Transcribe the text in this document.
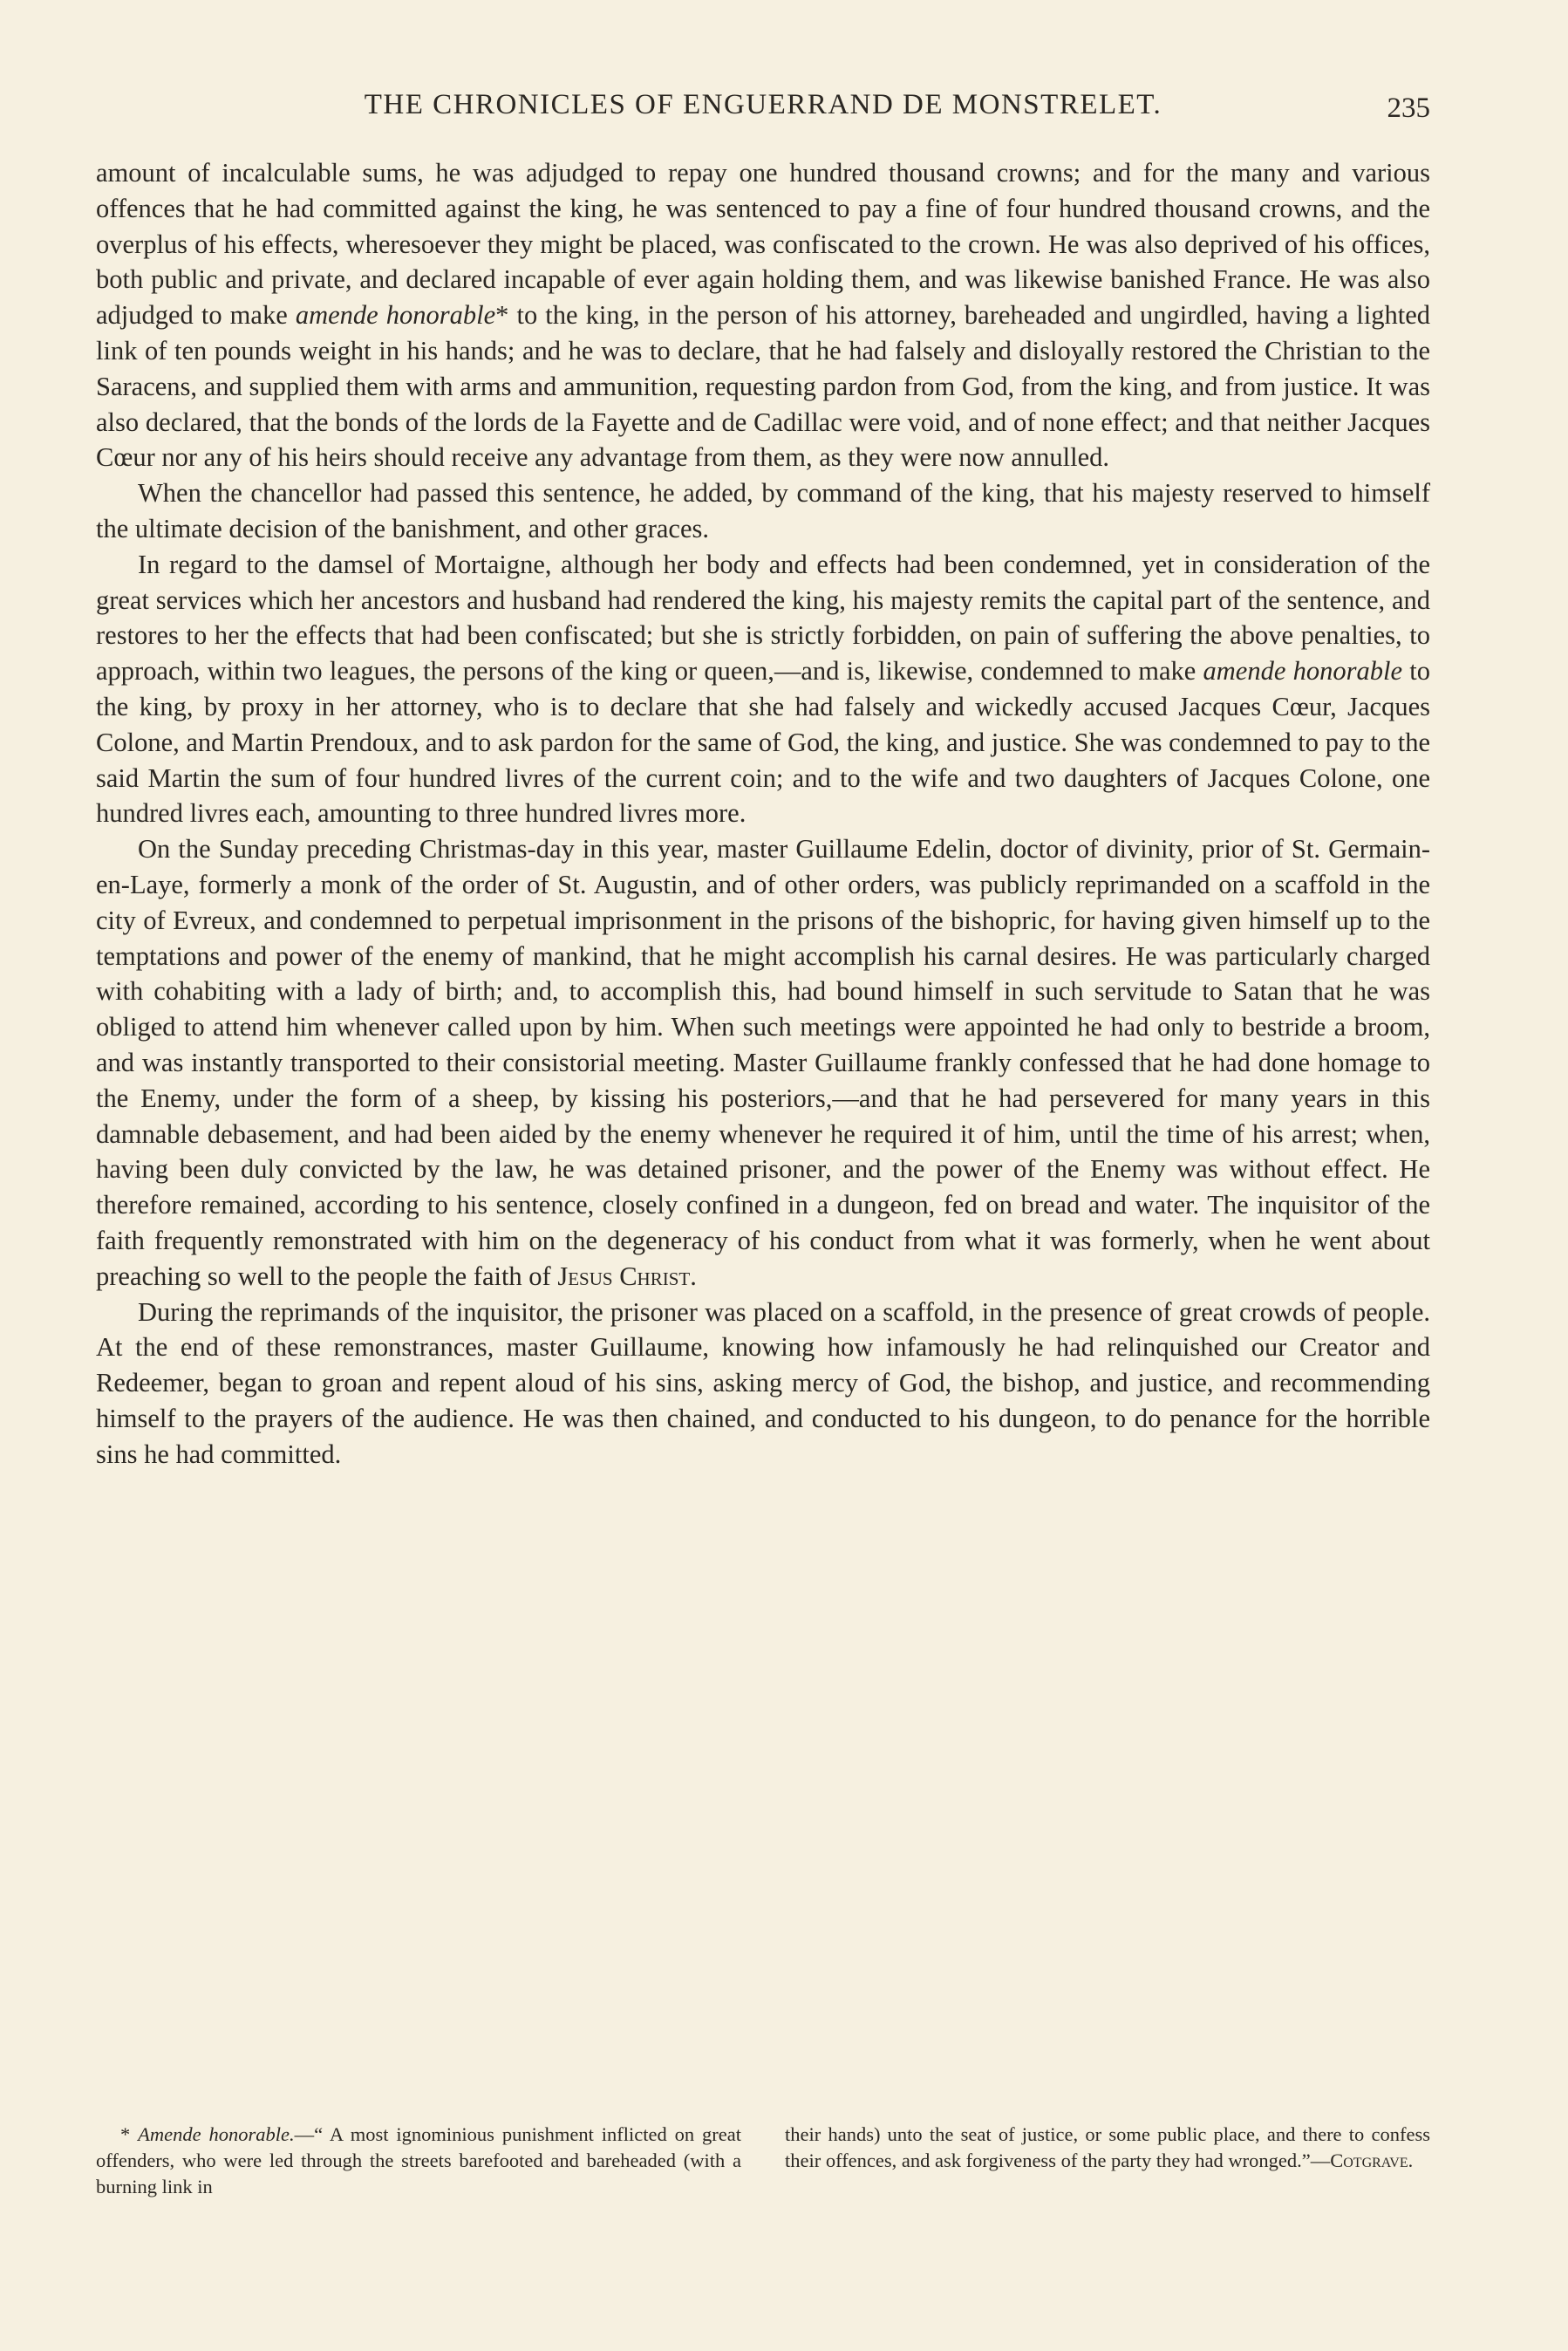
THE CHRONICLES OF ENGUERRAND DE MONSTRELET.	235

amount of incalculable sums, he was adjudged to repay one hundred thousand crowns; and for the many and various offences that he had committed against the king, he was sentenced to pay a fine of four hundred thousand crowns, and the overplus of his effects, wheresoever they might be placed, was confiscated to the crown. He was also deprived of his offices, both public and private, and declared incapable of ever again holding them, and was likewise banished France. He was also adjudged to make amende honorable* to the king, in the person of his attorney, bareheaded and ungirdled, having a lighted link of ten pounds weight in his hands; and he was to declare, that he had falsely and disloyally restored the Christian to the Saracens, and supplied them with arms and ammunition, requesting pardon from God, from the king, and from justice. It was also declared, that the bonds of the lords de la Fayette and de Cadillac were void, and of none effect; and that neither Jacques Cœur nor any of his heirs should receive any advantage from them, as they were now annulled.

When the chancellor had passed this sentence, he added, by command of the king, that his majesty reserved to himself the ultimate decision of the banishment, and other graces.

In regard to the damsel of Mortaigne, although her body and effects had been condemned, yet in consideration of the great services which her ancestors and husband had rendered the king, his majesty remits the capital part of the sentence, and restores to her the effects that had been confiscated; but she is strictly forbidden, on pain of suffering the above penalties, to approach, within two leagues, the persons of the king or queen,—and is, likewise, condemned to make amende honorable to the king, by proxy in her attorney, who is to declare that she had falsely and wickedly accused Jacques Cœur, Jacques Colone, and Martin Prendoux, and to ask pardon for the same of God, the king, and justice. She was condemned to pay to the said Martin the sum of four hundred livres of the current coin; and to the wife and two daughters of Jacques Colone, one hundred livres each, amounting to three hundred livres more.

On the Sunday preceding Christmas-day in this year, master Guillaume Edelin, doctor of divinity, prior of St. Germain-en-Laye, formerly a monk of the order of St. Augustin, and of other orders, was publicly reprimanded on a scaffold in the city of Evreux, and condemned to perpetual imprisonment in the prisons of the bishopric, for having given himself up to the temptations and power of the enemy of mankind, that he might accomplish his carnal desires. He was particularly charged with cohabiting with a lady of birth; and, to accomplish this, had bound himself in such servitude to Satan that he was obliged to attend him whenever called upon by him. When such meetings were appointed he had only to bestride a broom, and was instantly transported to their consistorial meeting. Master Guillaume frankly confessed that he had done homage to the Enemy, under the form of a sheep, by kissing his posteriors,—and that he had persevered for many years in this damnable debasement, and had been aided by the enemy whenever he required it of him, until the time of his arrest; when, having been duly convicted by the law, he was detained prisoner, and the power of the Enemy was without effect. He therefore remained, according to his sentence, closely confined in a dungeon, fed on bread and water. The inquisitor of the faith frequently remonstrated with him on the degeneracy of his conduct from what it was formerly, when he went about preaching so well to the people the faith of Jesus Christ.

During the reprimands of the inquisitor, the prisoner was placed on a scaffold, in the presence of great crowds of people. At the end of these remonstrances, master Guillaume, knowing how infamously he had relinquished our Creator and Redeemer, began to groan and repent aloud of his sins, asking mercy of God, the bishop, and justice, and recommending himself to the prayers of the audience. He was then chained, and conducted to his dungeon, to do penance for the horrible sins he had committed.

* Amende honorable.—“ A most ignominious punishment inflicted on great offenders, who were led through the streets barefooted and bareheaded (with a burning link in

their hands) unto the seat of justice, or some public place, and there to confess their offences, and ask forgiveness of the party they had wronged.”—Cotgrave.
